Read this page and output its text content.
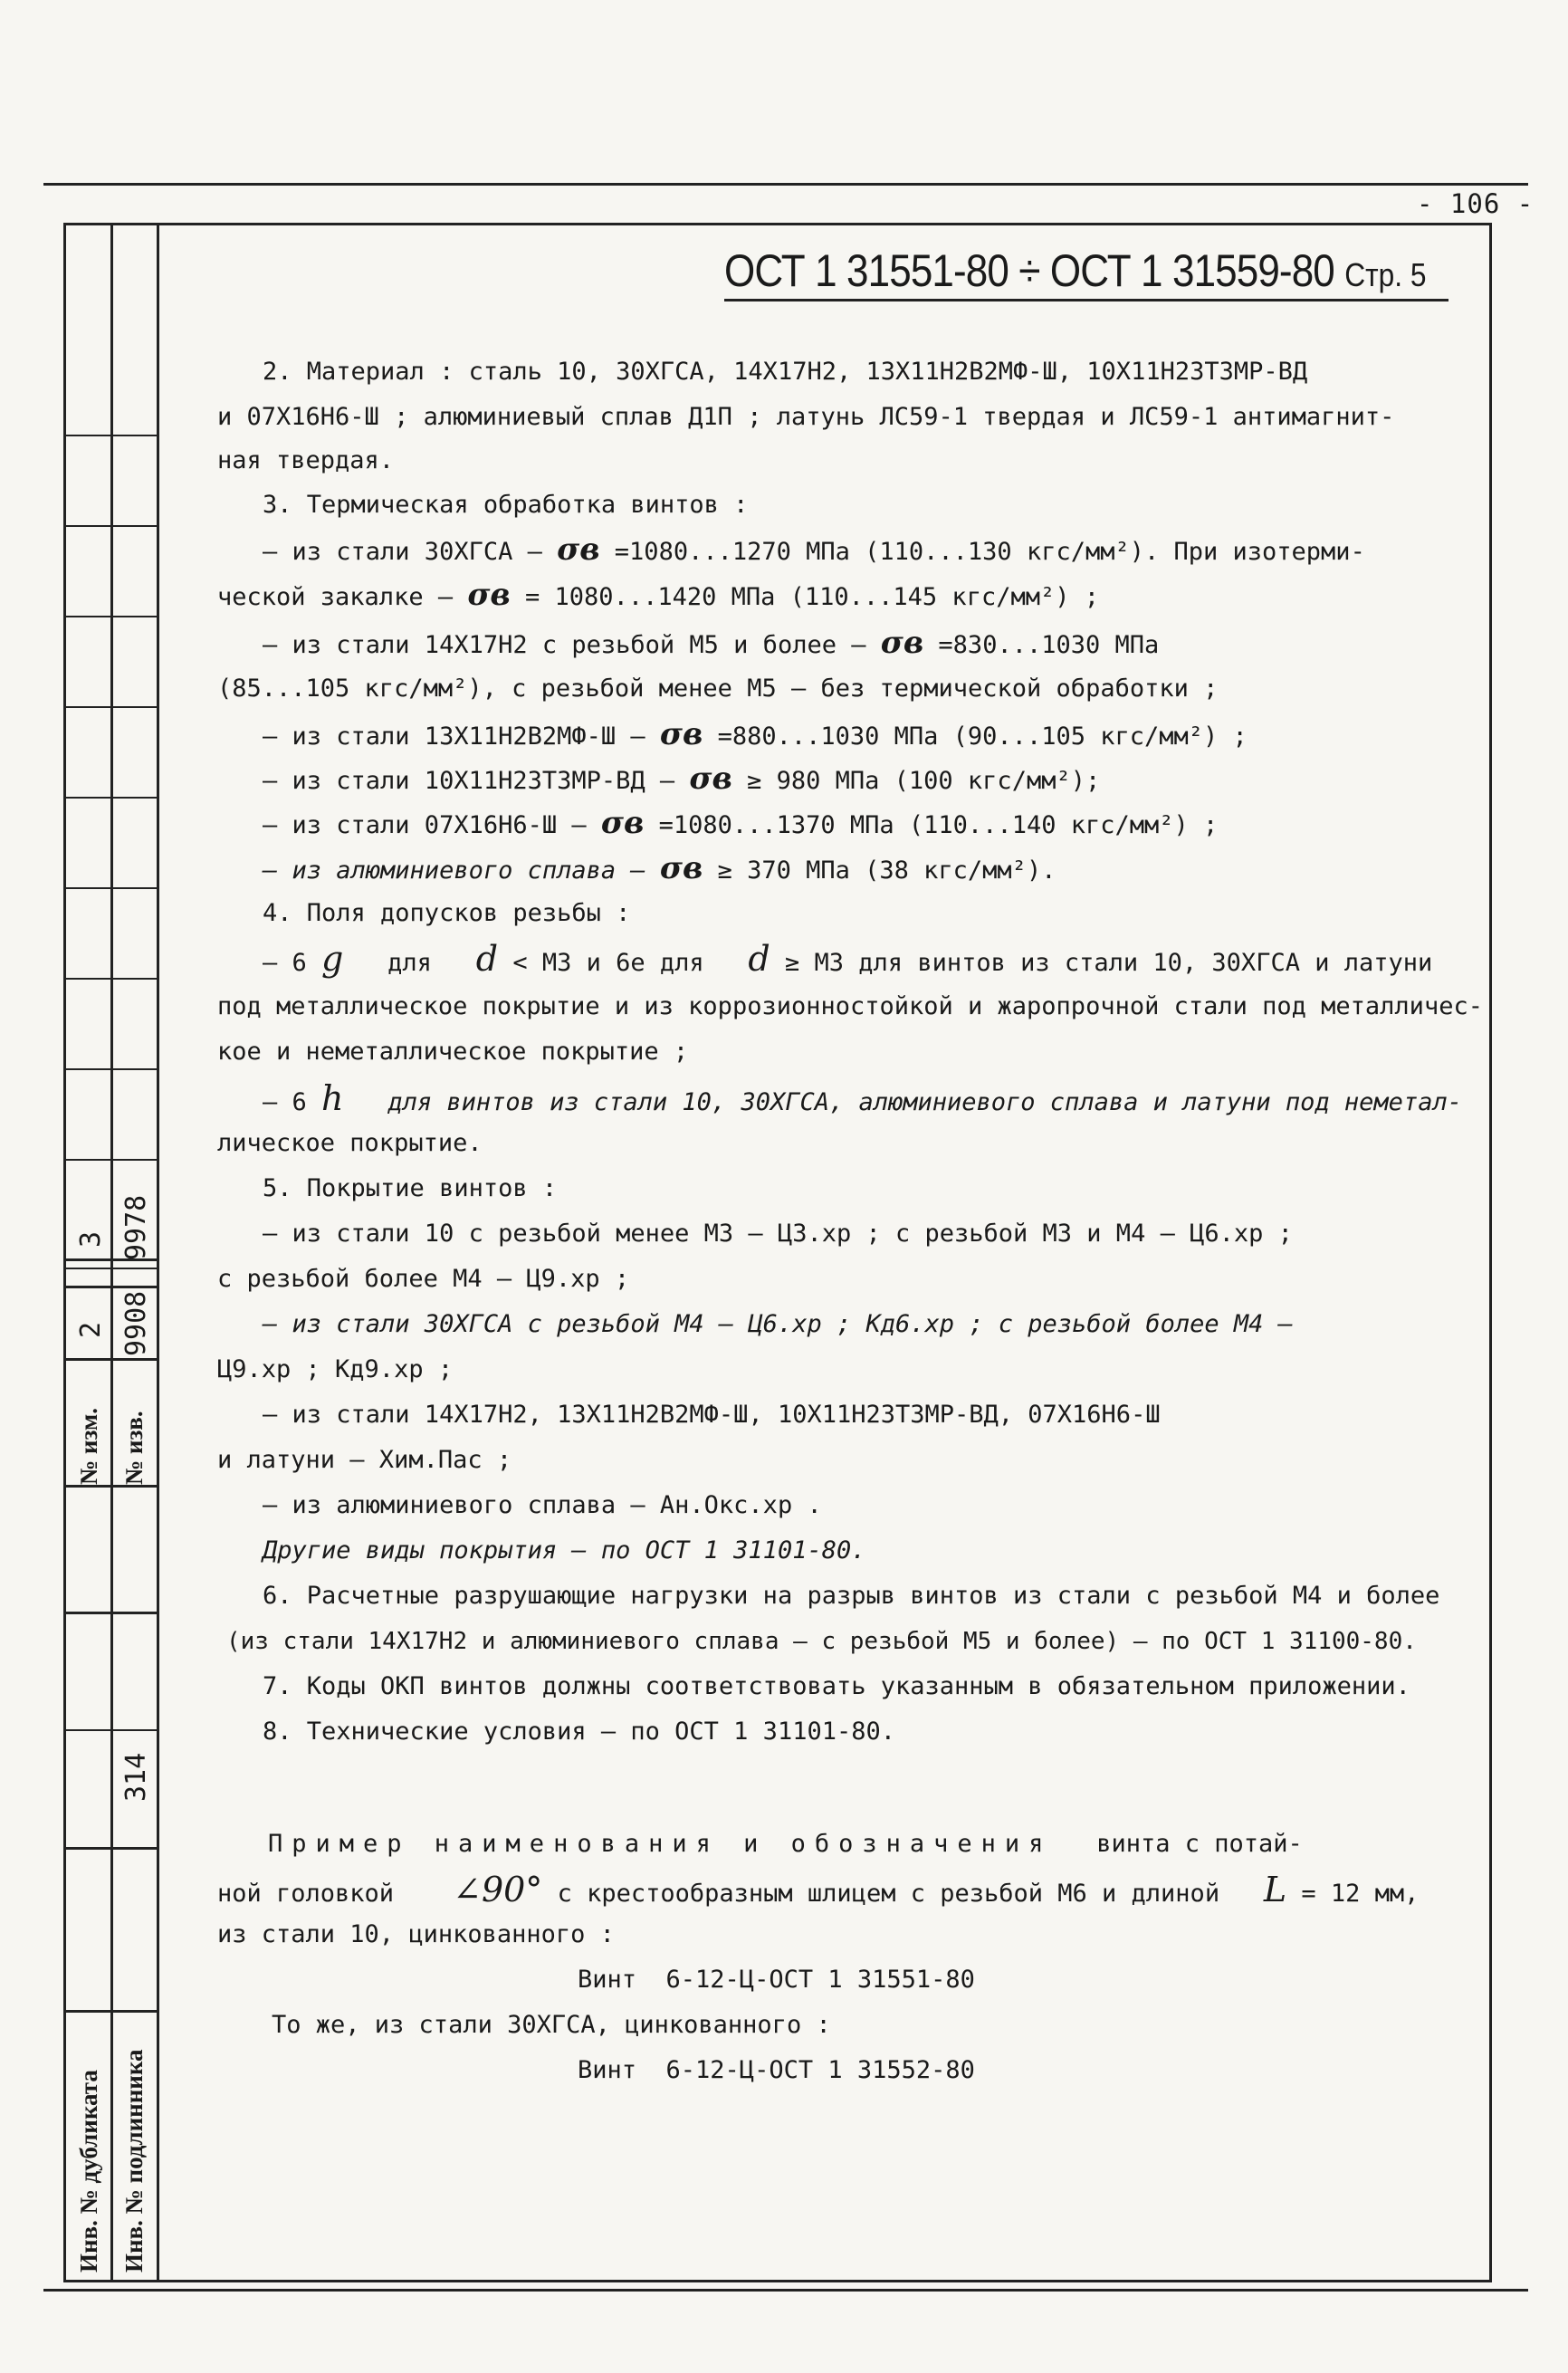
3 9978
2 9908
№ изм. № изв.
314
Инв. № дубликата Инв. № подлинника
- 106 -
ОСТ 1 31551-80 ÷ ОСТ 1 31559-80 Стр. 5
2. Материал : сталь 10, 30ХГСА, 14Х17Н2, 13Х11Н2В2МФ-Ш, 10Х11Н23Т3МР-ВД
и 07Х16Н6-Ш ; алюминиевый сплав Д1П ; латунь ЛС59-1 твердая и ЛС59-1 антимагнит-
ная твердая.
3. Термическая обработка винтов :
– из стали 30ХГСА – σв =1080...1270 МПа (110...130 кгс/мм²). При изотерми-
ческой закалке – σв = 1080...1420 МПа (110...145 кгс/мм²) ;
– из стали 14Х17Н2 с резьбой М5 и более – σв =830...1030 МПа
(85...105 кгс/мм²), с резьбой менее М5 – без термической обработки ;
– из стали 13Х11Н2В2МФ-Ш – σв =880...1030 МПа (90...105 кгс/мм²) ;
– из стали 10Х11Н23Т3МР-ВД – σв ≥ 980 МПа (100 кгс/мм²);
– из стали 07Х16Н6-Ш – σв =1080...1370 МПа (110...140 кгс/мм²) ;
– из алюминиевого сплава – σв ≥ 370 МПа (38 кгс/мм²).
4. Поля допусков резьбы :
– 6 g для d < М3 и 6е для d ≥ М3 для винтов из стали 10, 30ХГСА и латуни
под металлическое покрытие и из коррозионностойкой и жаропрочной стали под металличес-
кое и неметаллическое покрытие ;
– 6 h для винтов из стали 10, 30ХГСА, алюминиевого сплава и латуни под неметал-
лическое покрытие.
5. Покрытие винтов :
– из стали 10 с резьбой менее М3 – Ц3.хр ; с резьбой М3 и М4 – Ц6.хр ;
с резьбой более М4 – Ц9.хр ;
– из стали 30ХГСА с резьбой М4 – Ц6.хр ; Кд6.хр ; с резьбой более М4 –
Ц9.хр ; Кд9.хр ;
– из стали 14Х17Н2, 13Х11Н2В2МФ-Ш, 10Х11Н23Т3МР-ВД, 07Х16Н6-Ш
и латуни – Хим.Пас ;
– из алюминиевого сплава – Ан.Окс.хр .
Другие виды покрытия – по ОСТ 1 31101-80.
6. Расчетные разрушающие нагрузки на разрыв винтов из стали с резьбой М4 и более
(из стали 14Х17Н2 и алюминиевого сплава – с резьбой М5 и более) – по ОСТ 1 31100-80.
7. Коды ОКП винтов должны соответствовать указанным в обязательном приложении.
8. Технические условия – по ОСТ 1 31101-80.
Пример наименования и обозначения винта с потай-
ной головкой ∠90° с крестообразным шлицем с резьбой М6 и длиной L = 12 мм,
из стали 10, цинкованного :
Винт  6-12-Ц-ОСТ 1 31551-80
То же, из стали 30ХГСА, цинкованного :
Винт  6-12-Ц-ОСТ 1 31552-80
